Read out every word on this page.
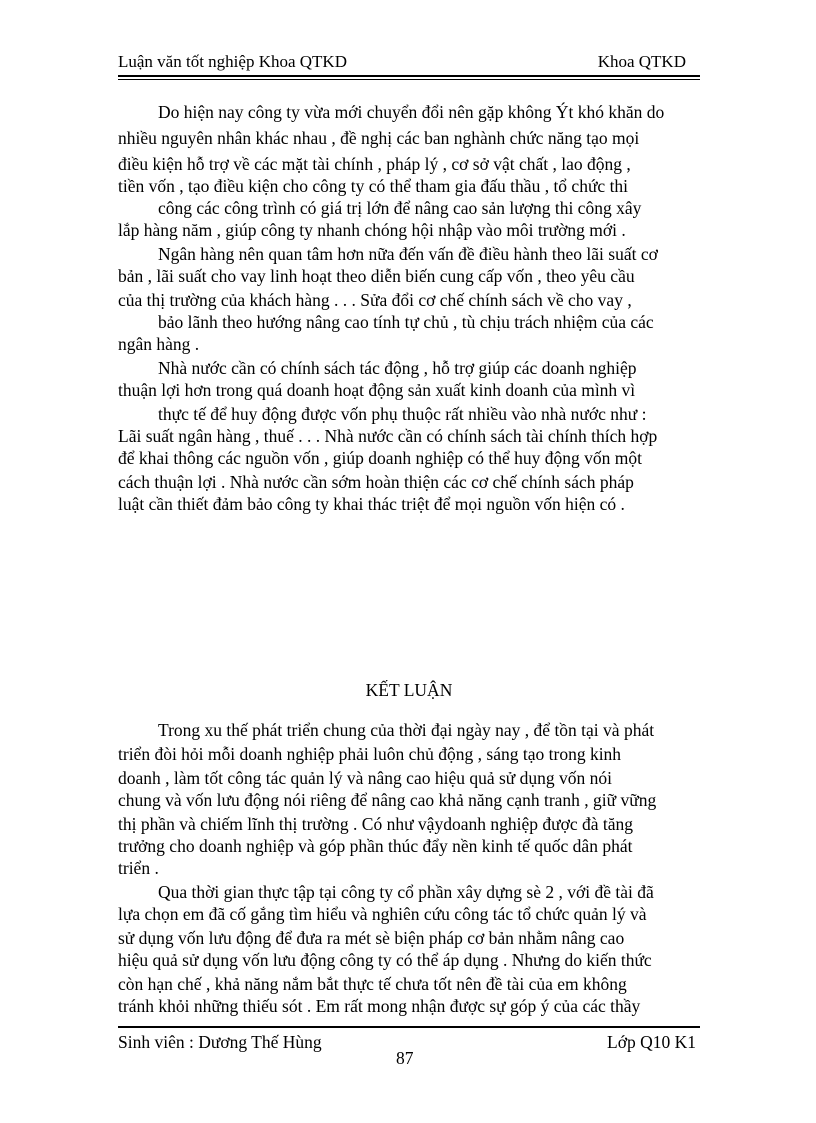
Luận văn tốt nghiệp Khoa QTKD	Khoa QTKD
Do hiện nay công ty vừa mới chuyển đổi nên gặp không Ýt khó khăn do
nhiều nguyên nhân khác nhau , đề nghị các ban nghành chức năng tạo mọi
điều kiện hỗ trợ về các mặt tài chính , pháp lý , cơ sở vật chất , lao động ,
tiền vốn , tạo điều kiện cho công ty có thể tham gia đấu thầu , tổ chức thi
công các công trình có giá trị lớn để nâng cao sản lượng thi công xây
lắp hàng năm , giúp công ty nhanh chóng hội nhập vào môi trường mới .
Ngân hàng nên quan tâm hơn nữa đến vấn đề điều hành theo lãi suất cơ
bản , lãi suất cho vay linh hoạt theo diễn biến cung cấp vốn , theo yêu cầu
của thị trường của khách hàng . . . Sửa đổi cơ chế chính sách về cho vay ,
bảo lãnh theo hướng nâng cao tính tự chủ , tù chịu trách nhiệm của các
ngân hàng .
Nhà nước cần có chính sách tác động , hỗ trợ giúp các doanh nghiệp
thuận lợi hơn trong quá doanh hoạt động sản xuất kinh doanh của mình vì
thực tế để huy động được vốn phụ thuộc rất nhiều vào nhà nước như :
Lãi suất ngân hàng , thuế . . . Nhà nước cần có chính sách tài chính thích hợp
để khai thông các nguồn vốn , giúp doanh nghiệp có thể huy động vốn một
cách thuận lợi . Nhà nước cần sớm hoàn thiện các cơ chế chính sách pháp
luật cần thiết đảm bảo công ty khai thác triệt để mọi nguồn vốn hiện có .
KẾT LUẬN
Trong xu thế phát triển chung của thời đại ngày nay , để tồn tại và phát
triển đòi hỏi mỗi doanh nghiệp phải luôn chủ động , sáng tạo trong kinh
doanh , làm tốt công tác quản lý và nâng cao hiệu quả sử dụng vốn nói
chung và vốn lưu động nói riêng để nâng cao khả năng cạnh tranh , giữ vững
thị phần và chiếm lĩnh thị trường . Có như vậydoanh nghiệp được đà tăng
trưởng cho doanh nghiệp và góp phần thúc đẩy nền kinh tế quốc dân phát
triển .
Qua thời gian thực tập tại công ty cổ phần xây dựng sè 2 , với đề tài đã
lựa chọn em đã cố gắng tìm hiểu và nghiên cứu công tác tổ chức quản lý và
sử dụng vốn lưu động để đưa ra mét sè biện pháp cơ bản nhằm nâng cao
hiệu quả sử dụng vốn lưu động công ty có thể áp dụng . Nhưng do kiến thức
còn hạn chế , khả năng nắm bắt thực tế chưa tốt nên đề tài của em không
tránh khỏi những thiếu sót . Em rất mong nhận được sự góp ý của các thầy
Sinh viên : Dương Thế Hùng	Lớp Q10 K1
87
